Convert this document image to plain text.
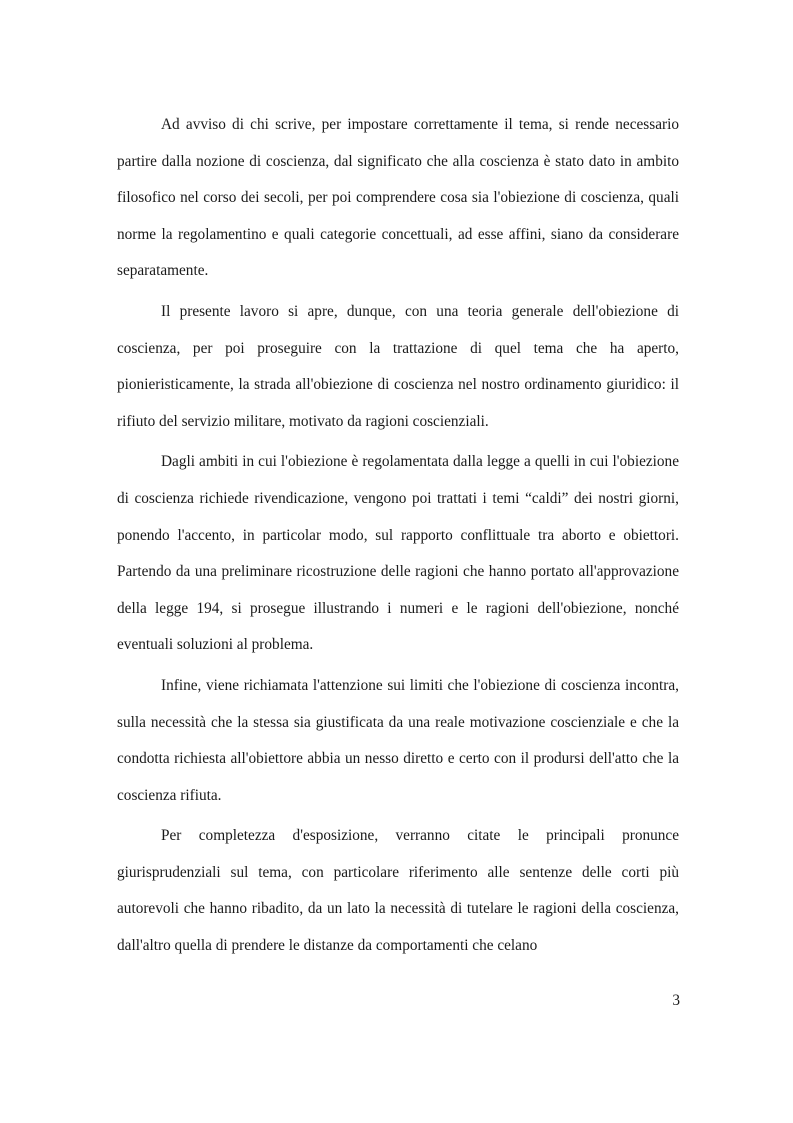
Ad avviso di chi scrive, per impostare correttamente il tema, si rende necessario partire dalla nozione di coscienza, dal significato che alla coscienza è stato dato in ambito filosofico nel corso dei secoli, per poi comprendere cosa sia l'obiezione di coscienza, quali norme la regolamentino e quali categorie concettuali, ad esse affini, siano da considerare separatamente.

Il presente lavoro si apre, dunque, con una teoria generale dell'obiezione di coscienza, per poi proseguire con la trattazione di quel tema che ha aperto, pionieristicamente, la strada all'obiezione di coscienza nel nostro ordinamento giuridico: il rifiuto del servizio militare, motivato da ragioni coscienziali.

Dagli ambiti in cui l'obiezione è regolamentata dalla legge a quelli in cui l'obiezione di coscienza richiede rivendicazione, vengono poi trattati i temi “caldi” dei nostri giorni, ponendo l'accento, in particolar modo, sul rapporto conflittuale tra aborto e obiettori. Partendo da una preliminare ricostruzione delle ragioni che hanno portato all'approvazione della legge 194, si prosegue illustrando i numeri e le ragioni dell'obiezione, nonché eventuali soluzioni al problema.

Infine, viene richiamata l'attenzione sui limiti che l'obiezione di coscienza incontra, sulla necessità che la stessa sia giustificata da una reale motivazione coscienziale e che la condotta richiesta all'obiettore abbia un nesso diretto e certo con il prodursi dell'atto che la coscienza rifiuta.

Per completezza d'esposizione, verranno citate le principali pronunce giurisprudenziali sul tema, con particolare riferimento alle sentenze delle corti più autorevoli che hanno ribadito, da un lato la necessità di tutelare le ragioni della coscienza, dall'altro quella di prendere le distanze da comportamenti che celano

3
